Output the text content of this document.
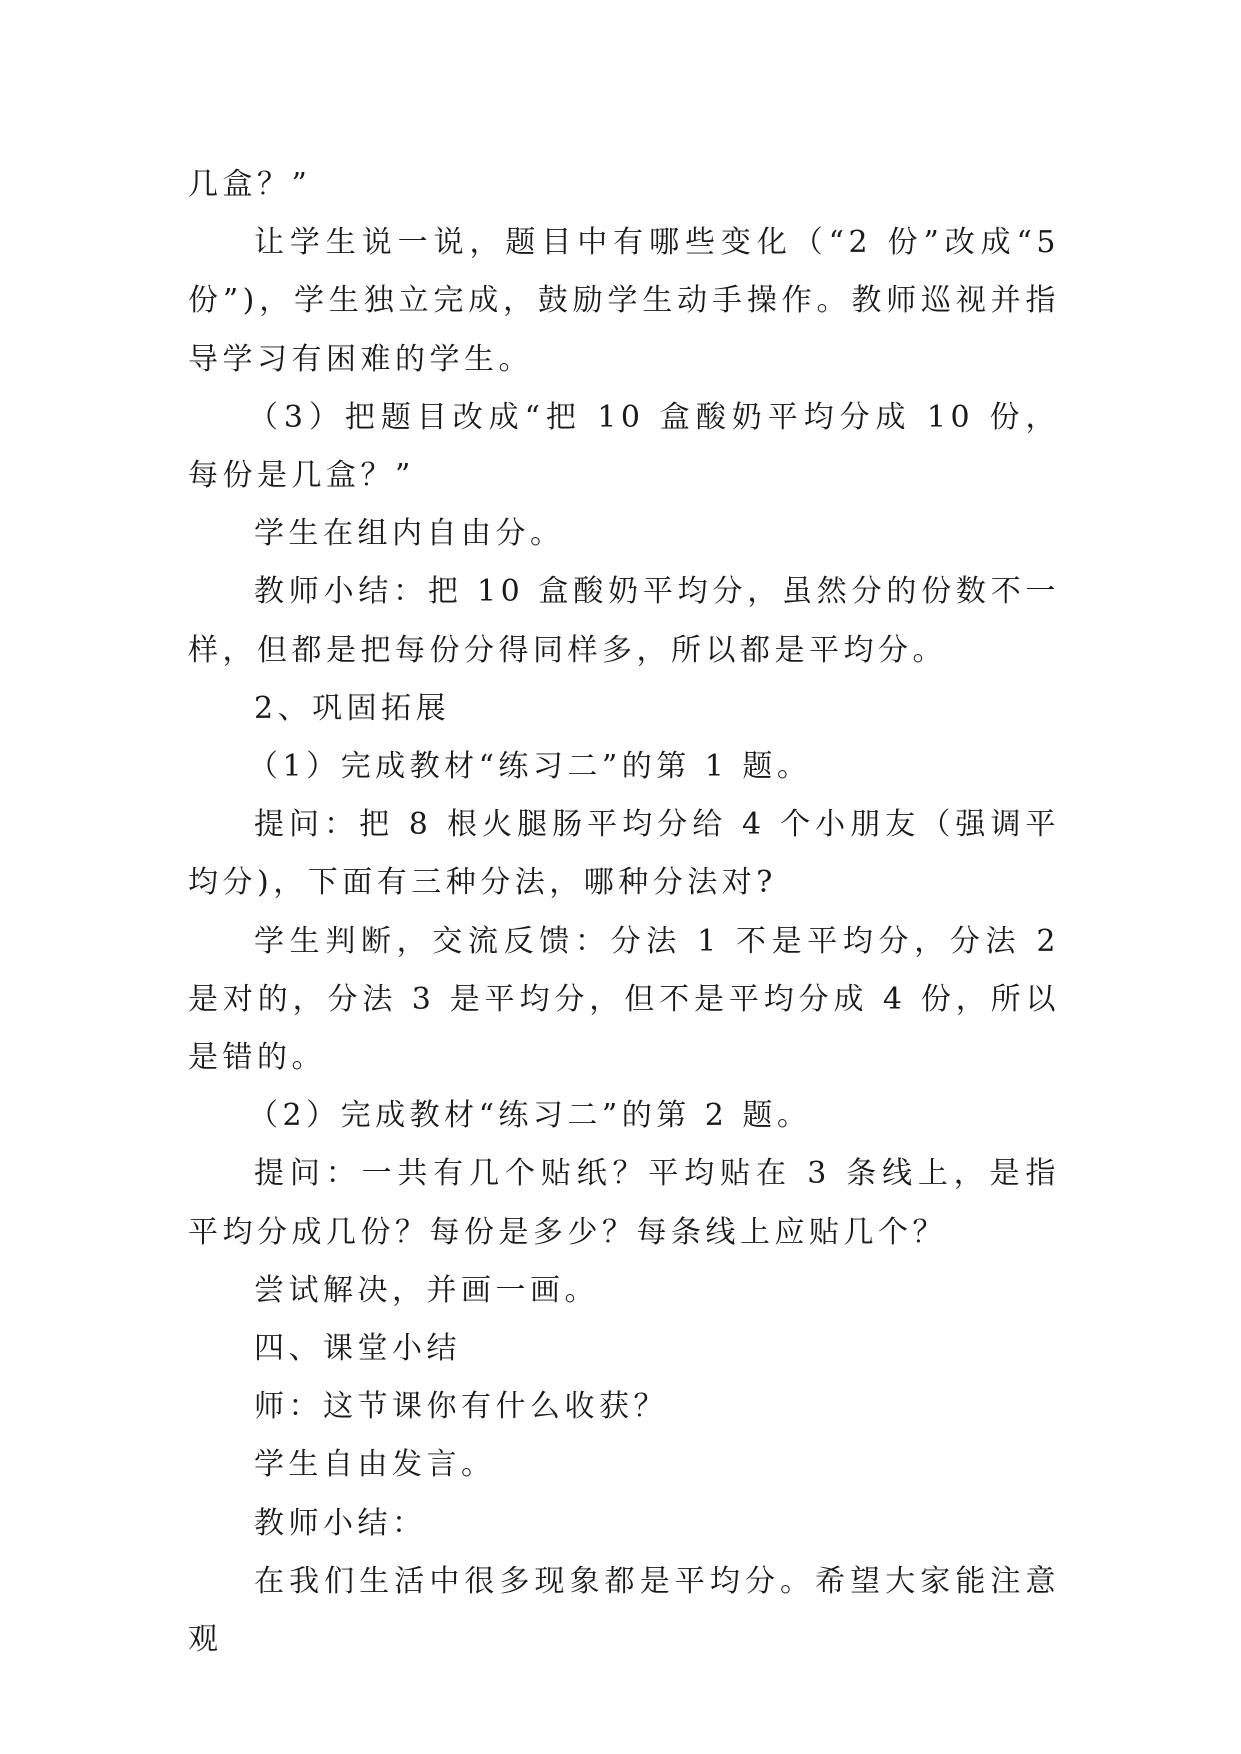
几盒？”

让学生说一说，题目中有哪些变化（“2 份”改成“5 份”)，学生独立完成，鼓励学生动手操作。教师巡视并指导学习有困难的学生。

（3）把题目改成“把 10 盒酸奶平均分成 10 份，每份是几盒？”

学生在组内自由分。

教师小结：把 10 盒酸奶平均分，虽然分的份数不一样，但都是把每份分得同样多，所以都是平均分。

2、巩固拓展

（1）完成教材“练习二”的第 1 题。

提问：把 8 根火腿肠平均分给 4 个小朋友（强调平均分)，下面有三种分法，哪种分法对?

学生判断，交流反馈：分法 1 不是平均分，分法 2 是对的，分法 3 是平均分，但不是平均分成 4 份，所以是错的。

（2）完成教材“练习二”的第 2 题。

提问：一共有几个贴纸？平均贴在 3 条线上，是指平均分成几份？每份是多少？每条线上应贴几个？

尝试解决，并画一画。

四、课堂小结

师：这节课你有什么收获？

学生自由发言。

教师小结：

在我们生活中很多现象都是平均分。希望大家能注意观
